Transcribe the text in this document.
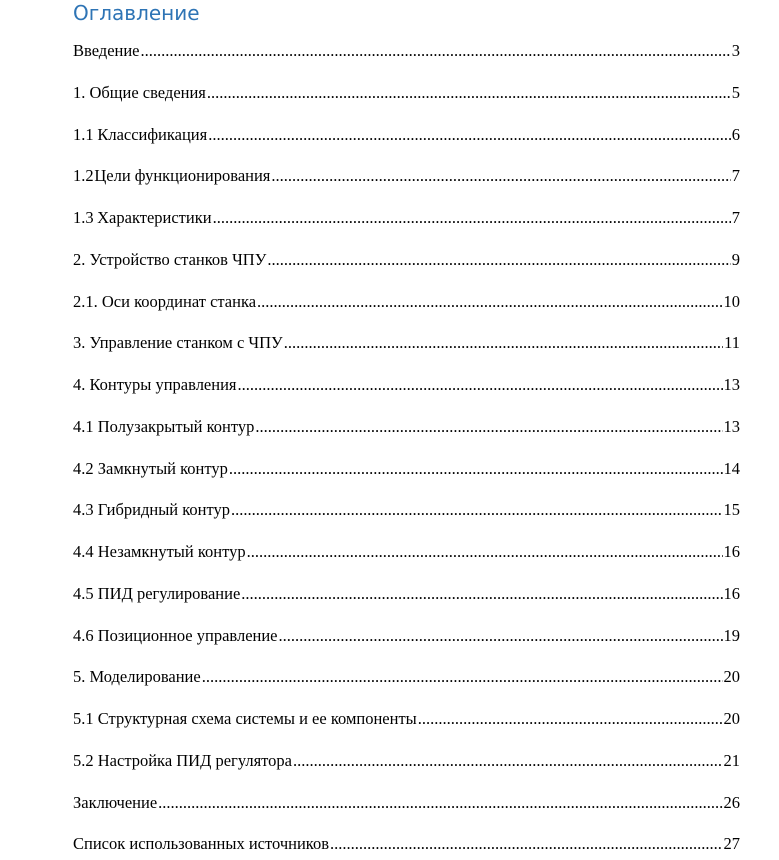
Оглавление
Введение .....	3
1. Общие сведения .....	5
1.1 Классификация .....	6
1.2 Цели функционирования .....	7
1.3 Характеристики .....	7
2. Устройство станков ЧПУ .....	9
2.1. Оси координат станка .....	10
3. Управление станком с ЧПУ .....	11
4. Контуры управления .....	13
4.1 Полузакрытый контур .....	13
4.2 Замкнутый контур .....	14
4.3 Гибридный контур .....	15
4.4 Незамкнутый контур .....	16
4.5 ПИД регулирование .....	16
4.6 Позиционное управление .....	19
5. Моделирование .....	20
5.1 Структурная схема системы и ее компоненты .....	20
5.2 Настройка ПИД регулятора .....	21
Заключение .....	26
Список использованных источников .....	27
